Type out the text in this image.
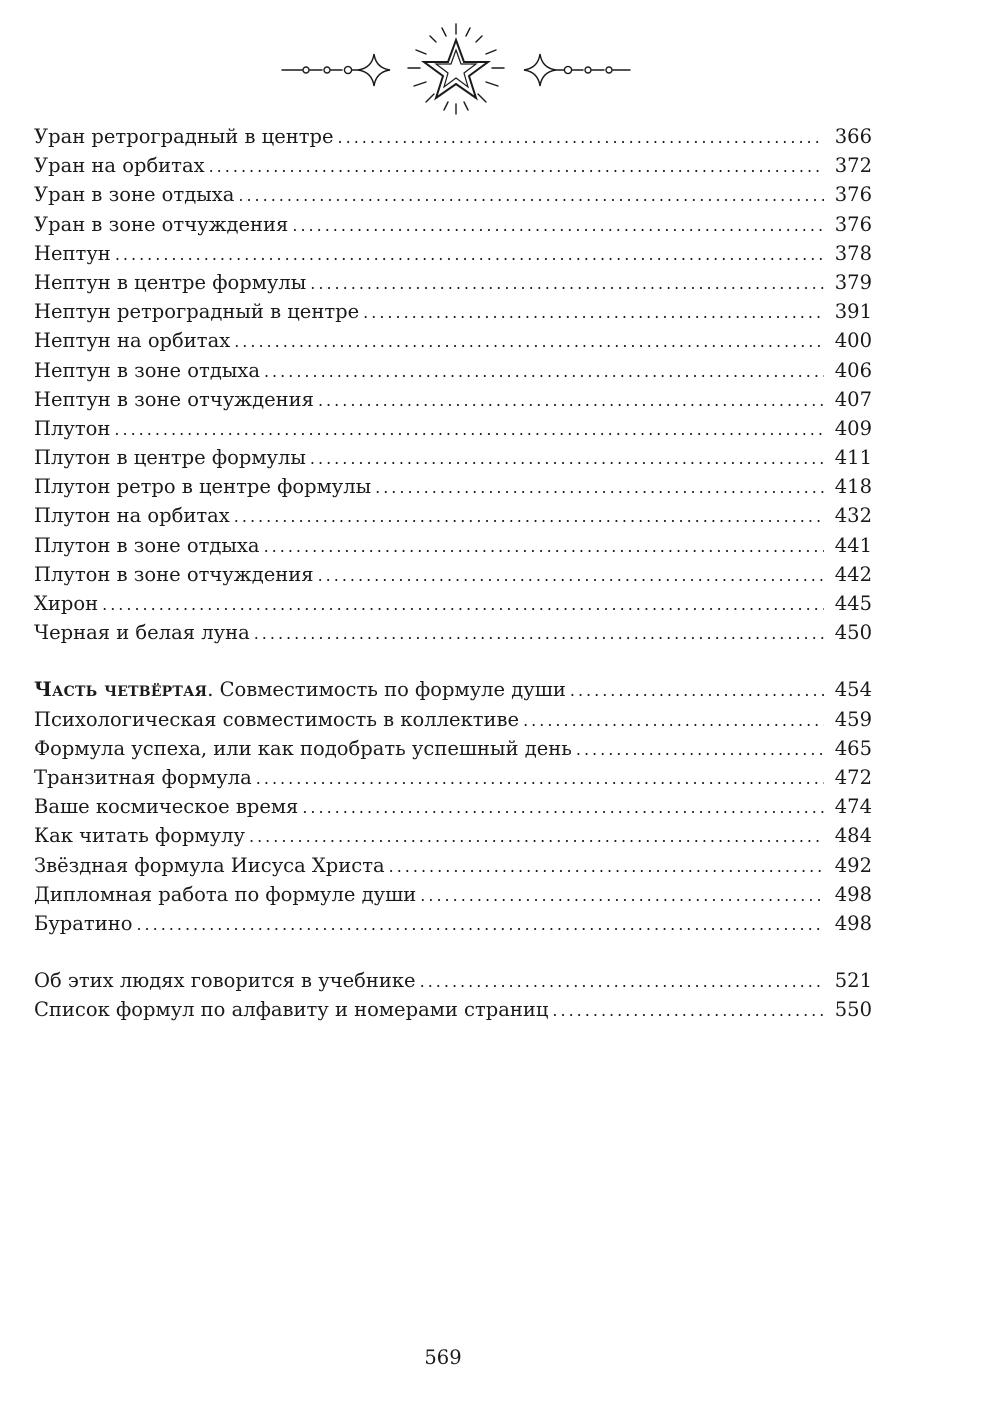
Уран ретроградный в центре .....	366
Уран на орбитах .....	372
Уран в зоне отдыха .....	376
Уран в зоне отчуждения .....	376
Нептун .....	378
Нептун в центре формулы .....	379
Нептун ретроградный в центре .....	391
Нептун на орбитах .....	400
Нептун в зоне отдыха .....	406
Нептун в зоне отчуждения .....	407
Плутон .....	409
Плутон в центре формулы .....	411
Плутон ретро в центре формулы .....	418
Плутон на орбитах .....	432
Плутон в зоне отдыха .....	441
Плутон в зоне отчуждения .....	442
Хирон .....	445
Черная и белая луна .....	450
Часть четвёртая. Совместимость по формуле души .....	454
Психологическая совместимость в коллективе .....	459
Формула успеха, или как подобрать успешный день .....	465
Транзитная формула .....	472
Ваше космическое время .....	474
Как читать формулу .....	484
Звёздная формула Иисуса Христа .....	492
Дипломная работа по формуле души .....	498
Буратино .....	498
Об этих людях говорится в учебнике .....	521
Список формул по алфавиту и номерами страниц .....	550
569
